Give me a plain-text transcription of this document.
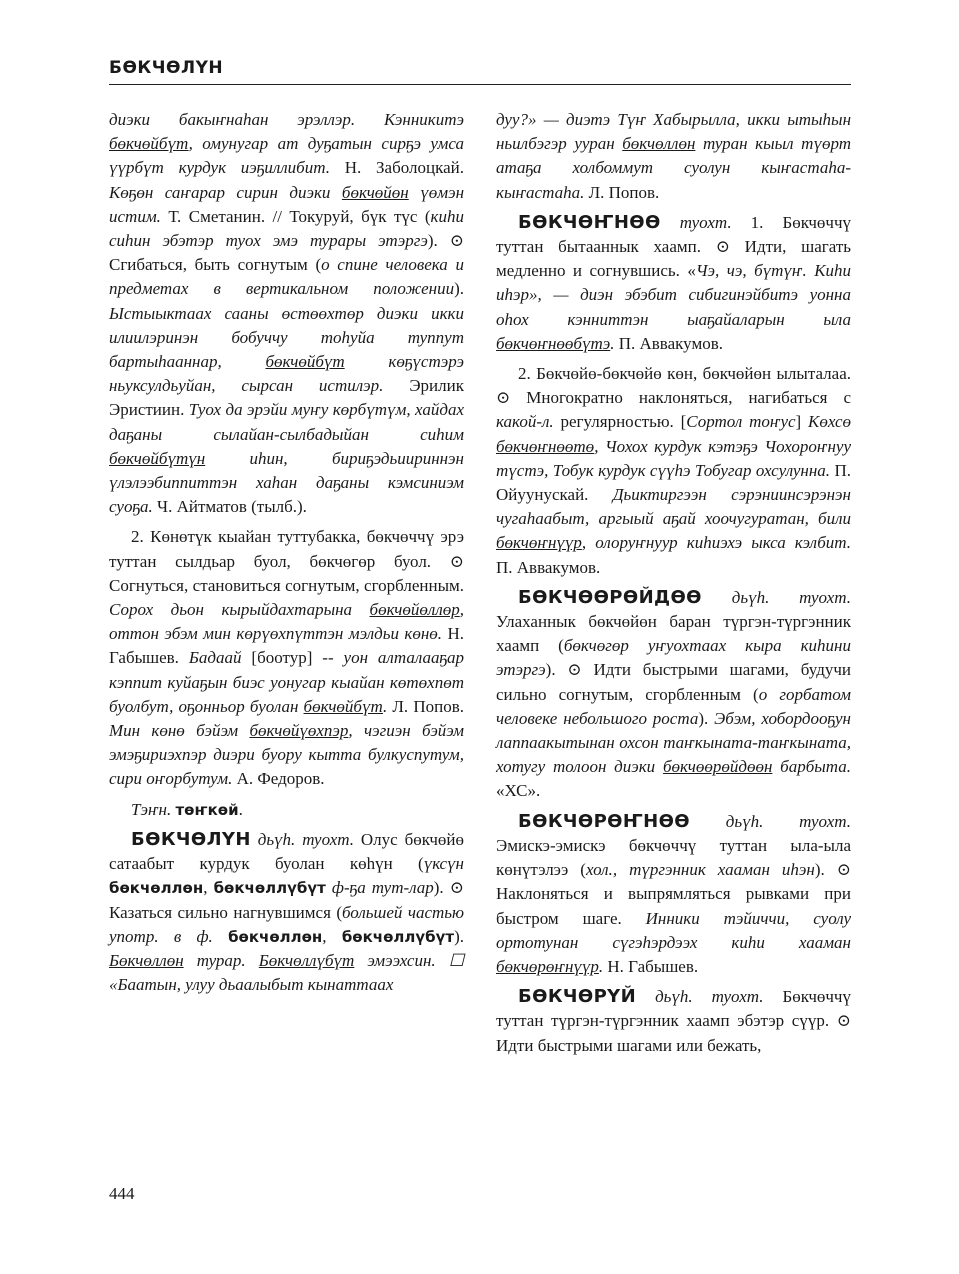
БӨКЧӨЛҮН

диэки бакыҥнаһан эрэллэр. Кэнникитэ бөкчөйбүт, омунугар ат дуҕатын сирҕэ умса үүрбүт курдук иэҕиллибит. Н. Заболоцкай. Көҕөн саҥарар сирин диэки бөкчөйөн үөмэн истим. Т. Сметанин. // Токуруй, бүк түс (киһи сиһин эбэтэр туох эмэ турары этэргэ). ⊙ Сгибаться, быть согнутым (о спине человека и предметах в вертикальном положении). Ыстыыктаах сааны өстөөхтөр диэки икки илиилэринэн бобуччу тоһуйа туппут бартыһааннар, бөкчөйбүт көҕүстэрэ ньуксулдьуйан, сырсан истилэр. Эрилик Эристиин. Туох да эрэйи муҥу көрбүтүм, хайдах даҕаны сылайан-сылбадыйан сиһим бөкчөйбүтүн иһин, бириҕэдьиириннэн үлэлээбиппиттэн хаһан даҕаны кэмсиниэм суоҕа. Ч. Айтматов (тылб.).

2. Көнөтүк кыайан туттубакка, бөкчөччү эрэ туттан сылдьар буол, бөкчөгөр буол. ⊙ Согнуться, становиться согнутым, сгорбленным. Сорох дьон кырыйдахтарына бөкчөйөллөр, оттон эбэм мин көрүөхпүттэн мэлдьи көнө. Н. Габышев. Бадаай [боотур] -- уон алталааҕар кэппит куйаҕын биэс уонугар кыайан көтөхпөт буолбут, оҕонньор буолан бөкчөйбүт. Л. Попов. Мин көнө бэйэм бөкчөйүөхпэр, чэгиэн бэйэм эмэҕириэхпэр диэри буору кытта булкуспутум, сири оҥорбутум. А. Федоров.

Тэҥн. төҥкөй.

БӨКЧӨЛҮН дьүһ. туохт. Олус бөкчөйө сатаабыт курдук буолан көһүн (үксүн бөкчөллөн, бөкчөллүбүт ф-ҕа тут-лар). ⊙ Казаться сильно нагнувшимся (большей частью употр. в ф. бөкчөллөн, бөкчөллүбүт). Бөкчөллөн турар. Бөкчөллүбүт эмээхсин. ☐ «Баатын, улуу дьаалыбыт кынаттаах

дуу?» — диэтэ Түҥ Хабырылла, икки ытыһын ньилбэгэр ууран бөкчөллөн туран кыыл түөрт атаҕа холбоммут суолун кыҥастаһа-кыҥастаһа. Л. Попов.

БӨКЧӨҤНӨӨ туохт. 1. Бөкчөччү туттан бытааннык хаамп. ⊙ Идти, шагать медленно и согнувшись. «Чэ, чэ, бүтүҥ. Киһи иһэр», — диэн эбэбит сибигинэйбитэ уонна оһох кэнниттэн ыаҕайаларын ыла бөкчөҥнөөбүтэ. П. Аввакумов.

2. Бөкчөйө-бөкчөйө көн, бөкчөйөн ылыталаа. ⊙ Многократно наклоняться, нагибаться с какой-л. регулярностью. [Сортол тоҥус] Көхсө бөкчөҥнөөтө, Чохох курдук кэтэҕэ Чохороҥнуу түстэ, Тобук курдук сүүһэ Тобугар охсулунна. П. Ойуунускай. Дьиктиргээн сэрэниинсэрэнэн чугаһаабыт, аргыый аҕай хоочугуратан, били бөкчөҥнүүр, олоруҥнуур киһиэхэ ыкса кэлбит. П. Аввакумов.

БӨКЧӨӨРӨЙДӨӨ дьүһ. туохт. Улаханнык бөкчөйөн баран түргэн-түргэнник хаамп (бөкчөгөр уҥуохтаах кыра киһини этэргэ). ⊙ Идти быстрыми шагами, будучи сильно согнутым, сгорбленным (о горбатом человеке небольшого роста). Эбэм, хобордооҕун лаппаакытынан охсон таҥкыната-таҥкыната, хотугу толоон диэки бөкчөөрөйдөөн барбыта. «ХС».

БӨКЧӨРӨҤНӨӨ дьүһ. туохт. Эмискэ-эмискэ бөкчөччү туттан ыла-ыла көнүтэлээ (хол., түргэнник хааман иһэн). ⊙ Наклоняться и выпрямляться рывками при быстром шаге. Инники тэйиччи, суолу ортотунан сүгэһэрдээх киһи хааман бөкчөрөҥнүүр. Н. Габышев.

БӨКЧӨРҮЙ дьүһ. туохт. Бөкчөччү туттан түргэн-түргэнник хаамп эбэтэр сүүр. ⊙ Идти быстрыми шагами или бежать,

444
